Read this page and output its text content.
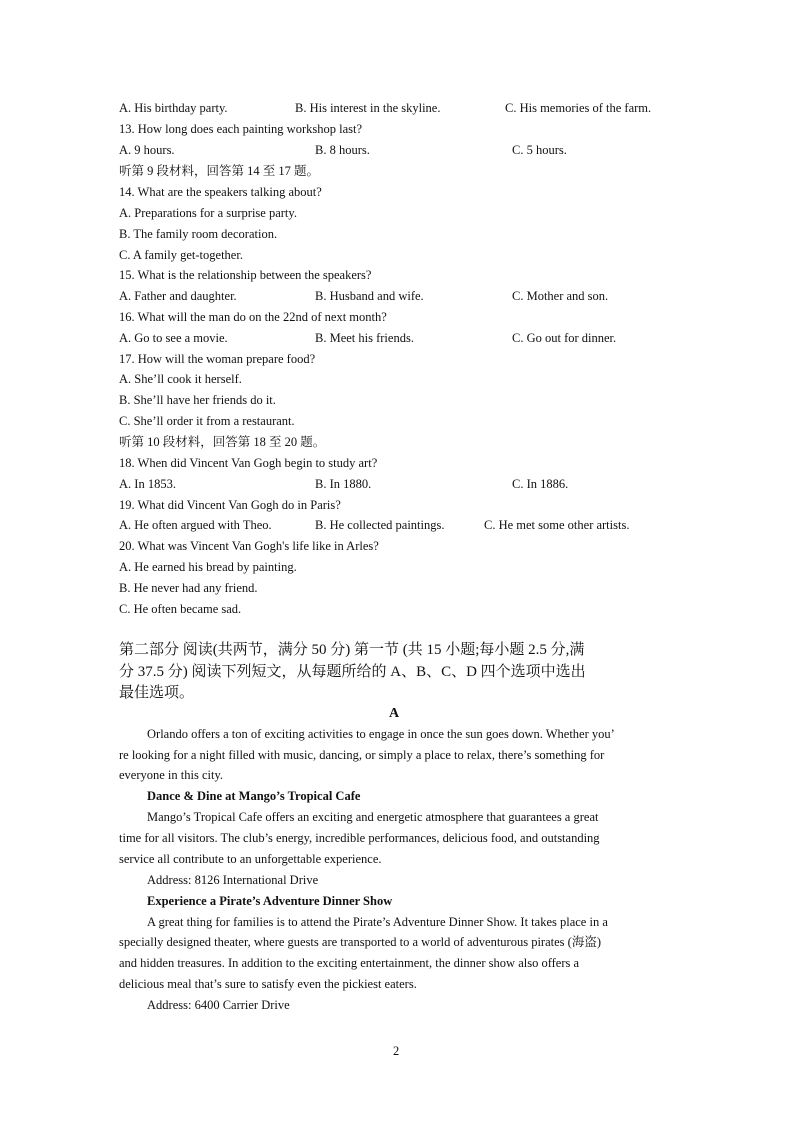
A. His birthday party.	B. His interest in the skyline.	C. His memories of the farm.
13. How long does each painting workshop last?
A. 9 hours.	B. 8 hours.	C. 5 hours.
听第 9 段材料，回答第 14 至 17 题。
14. What are the speakers talking about?
A. Preparations for a surprise party.
B. The family room decoration.
C. A family get-together.
15. What is the relationship between the speakers?
A. Father and daughter.	B. Husband and wife.	C. Mother and son.
16. What will the man do on the 22nd of next month?
A. Go to see a movie.	B. Meet his friends.	C. Go out for dinner.
17. How will the woman prepare food?
A. She’ll cook it herself.
B. She’ll have her friends do it.
C. She’ll order it from a restaurant.
听第 10 段材料，回答第 18 至 20 题。
18. When did Vincent Van Gogh begin to study art?
A. In 1853.	B. In 1880.	C. In 1886.
19. What did Vincent Van Gogh do in Paris?
A. He often argued with Theo.	B. He collected paintings.	C. He met some other artists.
20. What was Vincent Van Gogh's life like in Arles?
A. He earned his bread by painting.
B. He never had any friend.
C. He often became sad.
第二部分 阅读(共两节，满分 50 分) 第一节 (共 15 小题;每小题 2.5 分,满
分 37.5 分) 阅读下列短文，从每题所给的 A、B、C、D 四个选项中选出
最佳选项。
A
Orlando offers a ton of exciting activities to engage in once the sun goes down. Whether you’
re looking for a night filled with music, dancing, or simply a place to relax, there’s something for
everyone in this city.
Dance & Dine at Mango’s Tropical Cafe
Mango’s Tropical Cafe offers an exciting and energetic atmosphere that guarantees a great
time for all visitors. The club’s energy, incredible performances, delicious food, and outstanding
service all contribute to an unforgettable experience.
Address: 8126 International Drive
Experience a Pirate’s Adventure Dinner Show
A great thing for families is to attend the Pirate’s Adventure Dinner Show. It takes place in a
specially designed theater, where guests are transported to a world of adventurous pirates (海盗)
and hidden treasures. In addition to the exciting entertainment, the dinner show also offers a
delicious meal that’s sure to satisfy even the pickiest eaters.
Address: 6400 Carrier Drive
2
